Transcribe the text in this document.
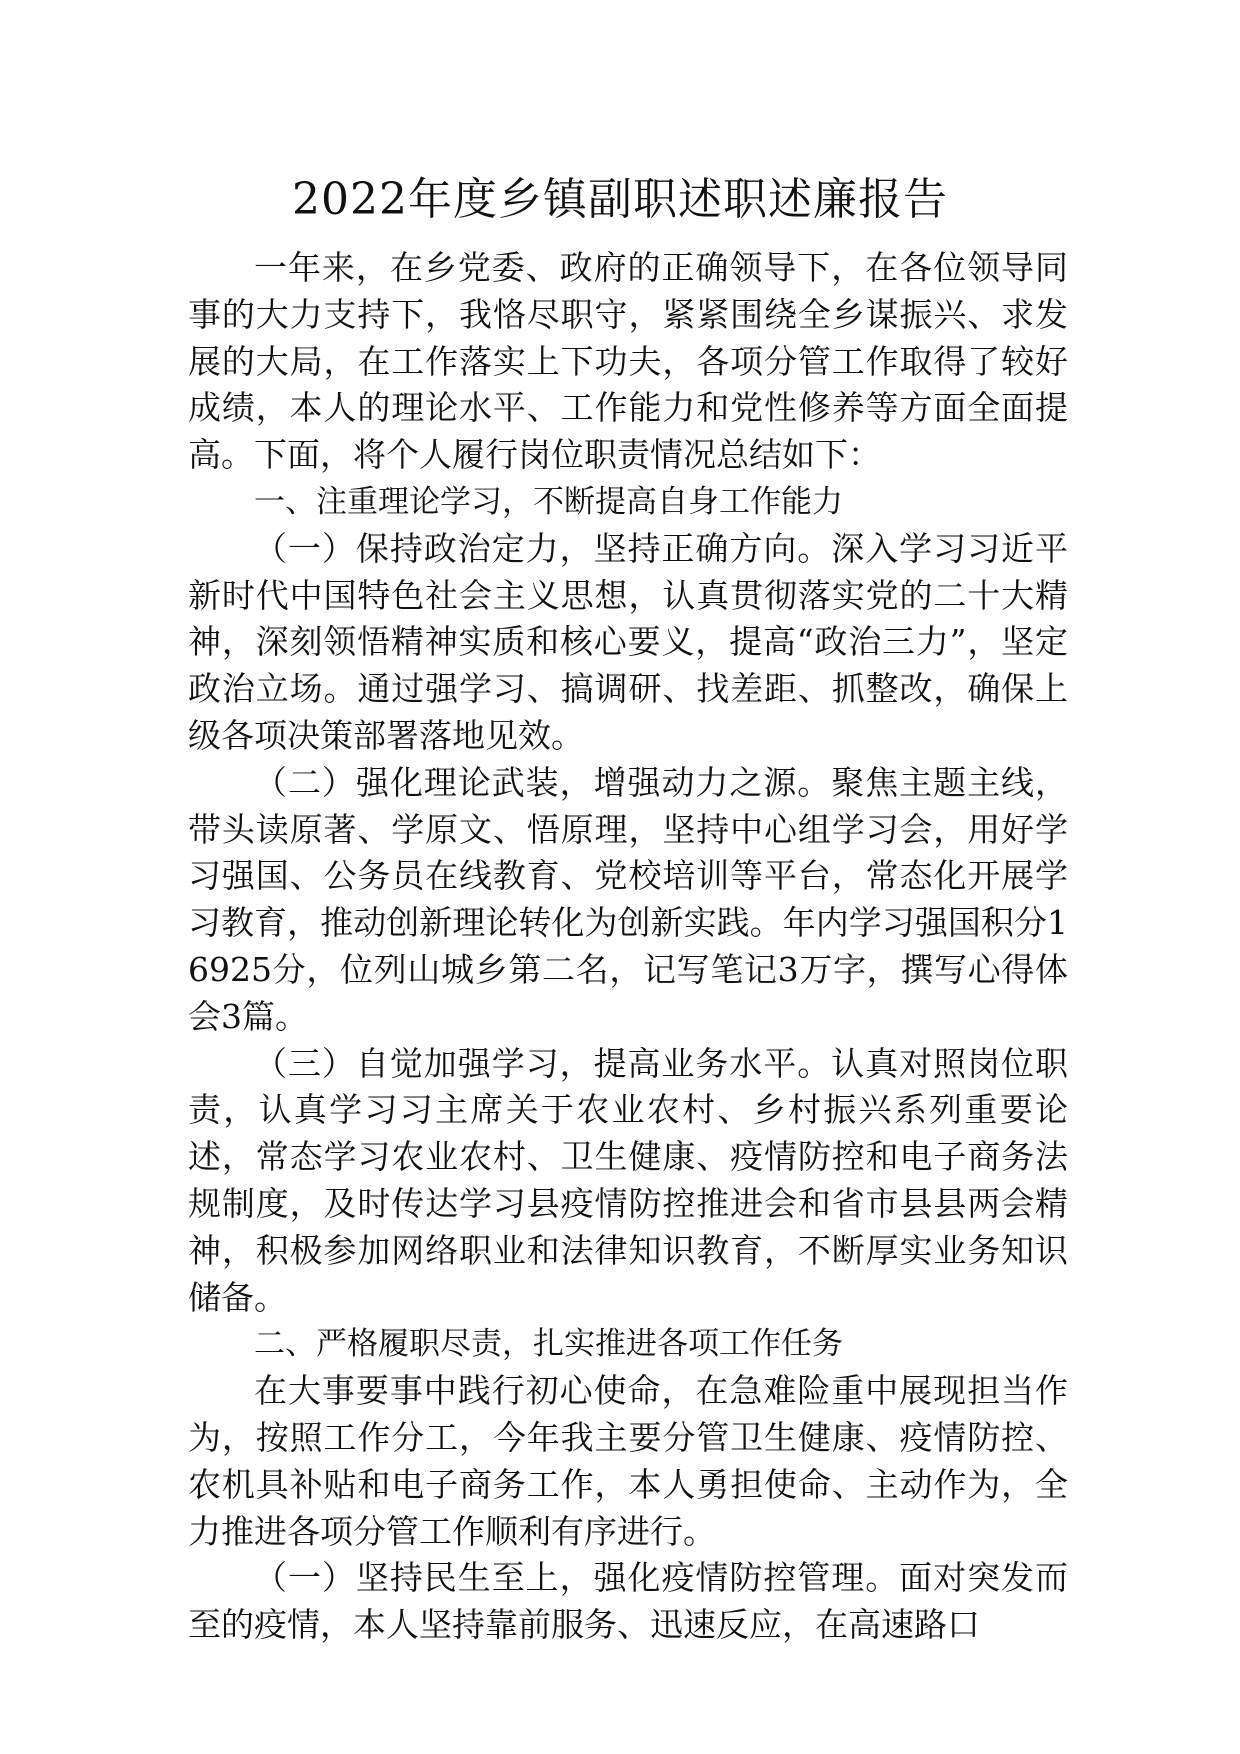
2022年度乡镇副职述职述廉报告

一年来，在乡党委、政府的正确领导下，在各位领导同事的大力支持下，我恪尽职守，紧紧围绕全乡谋振兴、求发展的大局，在工作落实上下功夫，各项分管工作取得了较好成绩，本人的理论水平、工作能力和党性修养等方面全面提高。下面，将个人履行岗位职责情况总结如下：

一、注重理论学习，不断提高自身工作能力

（一）保持政治定力，坚持正确方向。深入学习习近平新时代中国特色社会主义思想，认真贯彻落实党的二十大精神，深刻领悟精神实质和核心要义，提高“政治三力”，坚定政治立场。通过强学习、搞调研、找差距、抓整改，确保上级各项决策部署落地见效。

（二）强化理论武装，增强动力之源。聚焦主题主线，带头读原著、学原文、悟原理，坚持中心组学习会，用好学习强国、公务员在线教育、党校培训等平台，常态化开展学习教育，推动创新理论转化为创新实践。年内学习强国积分16925分，位列山城乡第二名，记写笔记3万字，撰写心得体会3篇。

（三）自觉加强学习，提高业务水平。认真对照岗位职责，认真学习习主席关于农业农村、乡村振兴系列重要论述，常态学习农业农村、卫生健康、疫情防控和电子商务法规制度，及时传达学习县疫情防控推进会和省市县县两会精神，积极参加网络职业和法律知识教育，不断厚实业务知识储备。

二、严格履职尽责，扎实推进各项工作任务

在大事要事中践行初心使命，在急难险重中展现担当作为，按照工作分工，今年我主要分管卫生健康、疫情防控、农机具补贴和电子商务工作，本人勇担使命、主动作为，全力推进各项分管工作顺利有序进行。

（一）坚持民生至上，强化疫情防控管理。面对突发而至的疫情，本人坚持靠前服务、迅速反应，在高速路口
